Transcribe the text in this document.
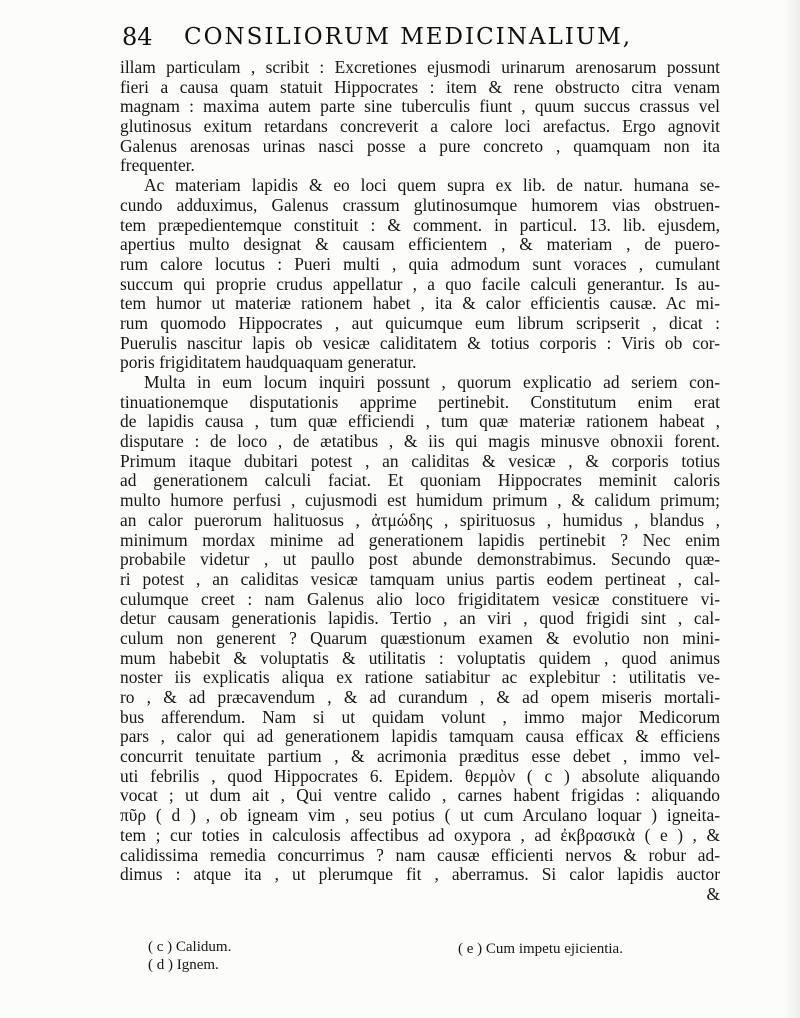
84 CONSILIORUM MEDICINALIUM,
illam particulam , scribit : Excretiones ejusmodi urinarum arenosarum possunt
fieri a causa quam statuit Hippocrates : item & rene obstructo citra venam
magnam : maxima autem parte sine tuberculis fiunt , quum succus crassus vel
glutinosus exitum retardans concreverit a calore loci arefactus. Ergo agnovit
Galenus arenosas urinas nasci posse a pure concreto , quamquam non ita
frequenter.
Ac materiam lapidis & eo loci quem supra ex lib. de natur. humana se-
cundo adduximus, Galenus crassum glutinosumque humorem vias obstruen-
tem præpedientemque constituit : & comment. in particul. 13. lib. ejusdem,
apertius multo designat & causam efficientem , & materiam , de puero-
rum calore locutus : Pueri multi , quia admodum sunt voraces , cumulant
succum qui proprie crudus appellatur , a quo facile calculi generantur. Is au-
tem humor ut materiæ rationem habet , ita & calor efficientis causæ. Ac mi-
rum quomodo Hippocrates , aut quicumque eum librum scripserit , dicat :
Puerulis nascitur lapis ob vesicæ caliditatem & totius corporis : Viris ob cor-
poris frigiditatem haudquaquam generatur.
Multa in eum locum inquiri possunt , quorum explicatio ad seriem con-
tinuationemque disputationis apprime pertinebit. Constitutum enim erat
de lapidis causa , tum quæ efficiendi , tum quæ materiæ rationem habeat ,
disputare : de loco , de ætatibus , & iis qui magis minusve obnoxii forent.
Primum itaque dubitari potest , an caliditas & vesicæ , & corporis totius
ad generationem calculi faciat. Et quoniam Hippocrates meminit caloris
multo humore perfusi , cujusmodi est humidum primum , & calidum primum;
an calor puerorum halituosus , ἀτμώδης , spirituosus , humidus , blandus ,
minimum mordax minime ad generationem lapidis pertinebit ? Nec enim
probabile videtur , ut paullo post abunde demonstrabimus. Secundo quæ-
ri potest , an caliditas vesicæ tamquam unius partis eodem pertineat , cal-
culumque creet : nam Galenus alio loco frigiditatem vesicæ constituere vi-
detur causam generationis lapidis. Tertio , an viri , quod frigidi sint , cal-
culum non generent ? Quarum quæstionum examen & evolutio non mini-
mum habebit & voluptatis & utilitatis : voluptatis quidem , quod animus
noster iis explicatis aliqua ex ratione satiabitur ac explebitur : utilitatis ve-
ro , & ad præcavendum , & ad curandum , & ad opem miseris mortali-
bus afferendum. Nam si ut quidam volunt , immo major Medicorum
pars , calor qui ad generationem lapidis tamquam causa efficax & efficiens
concurrit tenuitate partium , & acrimonia præditus esse debet , immo vel-
uti febrilis , quod Hippocrates 6. Epidem. θερμὸν ( c ) absolute aliquando
vocat ; ut dum ait , Qui ventre calido , carnes habent frigidas : aliquando
πῦρ ( d ) , ob igneam vim , seu potius ( ut cum Arculano loquar ) igneita-
tem ; cur toties in calculosis affectibus ad oxypora , ad ἐκβρασικὰ ( e ) , &
calidissima remedia concurrimus ? nam causæ efficienti nervos & robur ad-
dimus : atque ita , ut plerumque fit , aberramus. Si calor lapidis auctor
&
( c ) Calidum.
( d ) Ignem.
( e ) Cum impetu ejicientia.
